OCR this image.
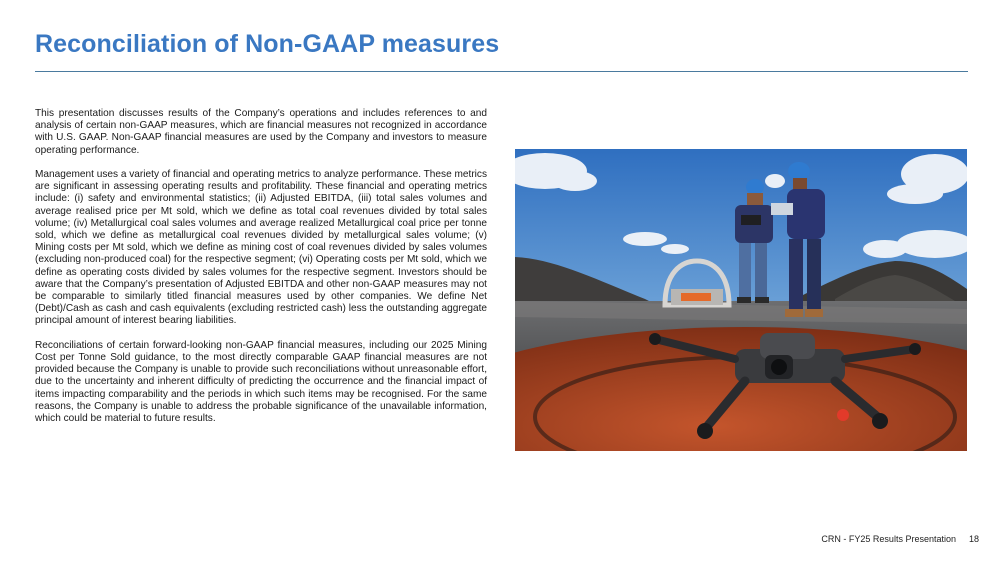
Reconciliation of Non-GAAP measures

This presentation discusses results of the Company’s operations and includes references to and analysis of certain non-GAAP measures, which are financial measures not recognized in accordance with U.S. GAAP. Non-GAAP financial measures are used by the Company and investors to measure operating performance.

Management uses a variety of financial and operating metrics to analyze performance. These metrics are significant in assessing operating results and profitability. These financial and operating metrics include: (i) safety and environmental statistics; (ii) Adjusted EBITDA, (iii) total sales volumes and average realised price per Mt sold, which we define as total coal revenues divided by total sales volume; (iv) Metallurgical coal sales volumes and average realized Metallurgical coal price per tonne sold, which we define as metallurgical coal revenues divided by metallurgical sales volume; (v) Mining costs per Mt sold, which we define as mining cost of coal revenues divided by sales volumes (excluding non-produced coal) for the respective segment; (vi) Operating costs per Mt sold, which we define as operating costs divided by sales volumes for the respective segment. Investors should be aware that the Company’s presentation of Adjusted EBITDA and other non-GAAP measures may not be comparable to similarly titled financial measures used by other companies. We define Net (Debt)/Cash as cash and cash equivalents (excluding restricted cash) less the outstanding aggregate principal amount of interest bearing liabilities.

Reconciliations of certain forward-looking non-GAAP financial measures, including our 2025 Mining Cost per Tonne Sold guidance, to the most directly comparable GAAP financial measures are not provided because the Company is unable to provide such reconciliations without unreasonable effort, due to the uncertainty and inherent difficulty of predicting the occurrence and the financial impact of items impacting comparability and the periods in which such items may be recognised. For the same reasons, the Company is unable to address the probable significance of the unavailable information, which could be material to future results.

CRN - FY25 Results Presentation 18
